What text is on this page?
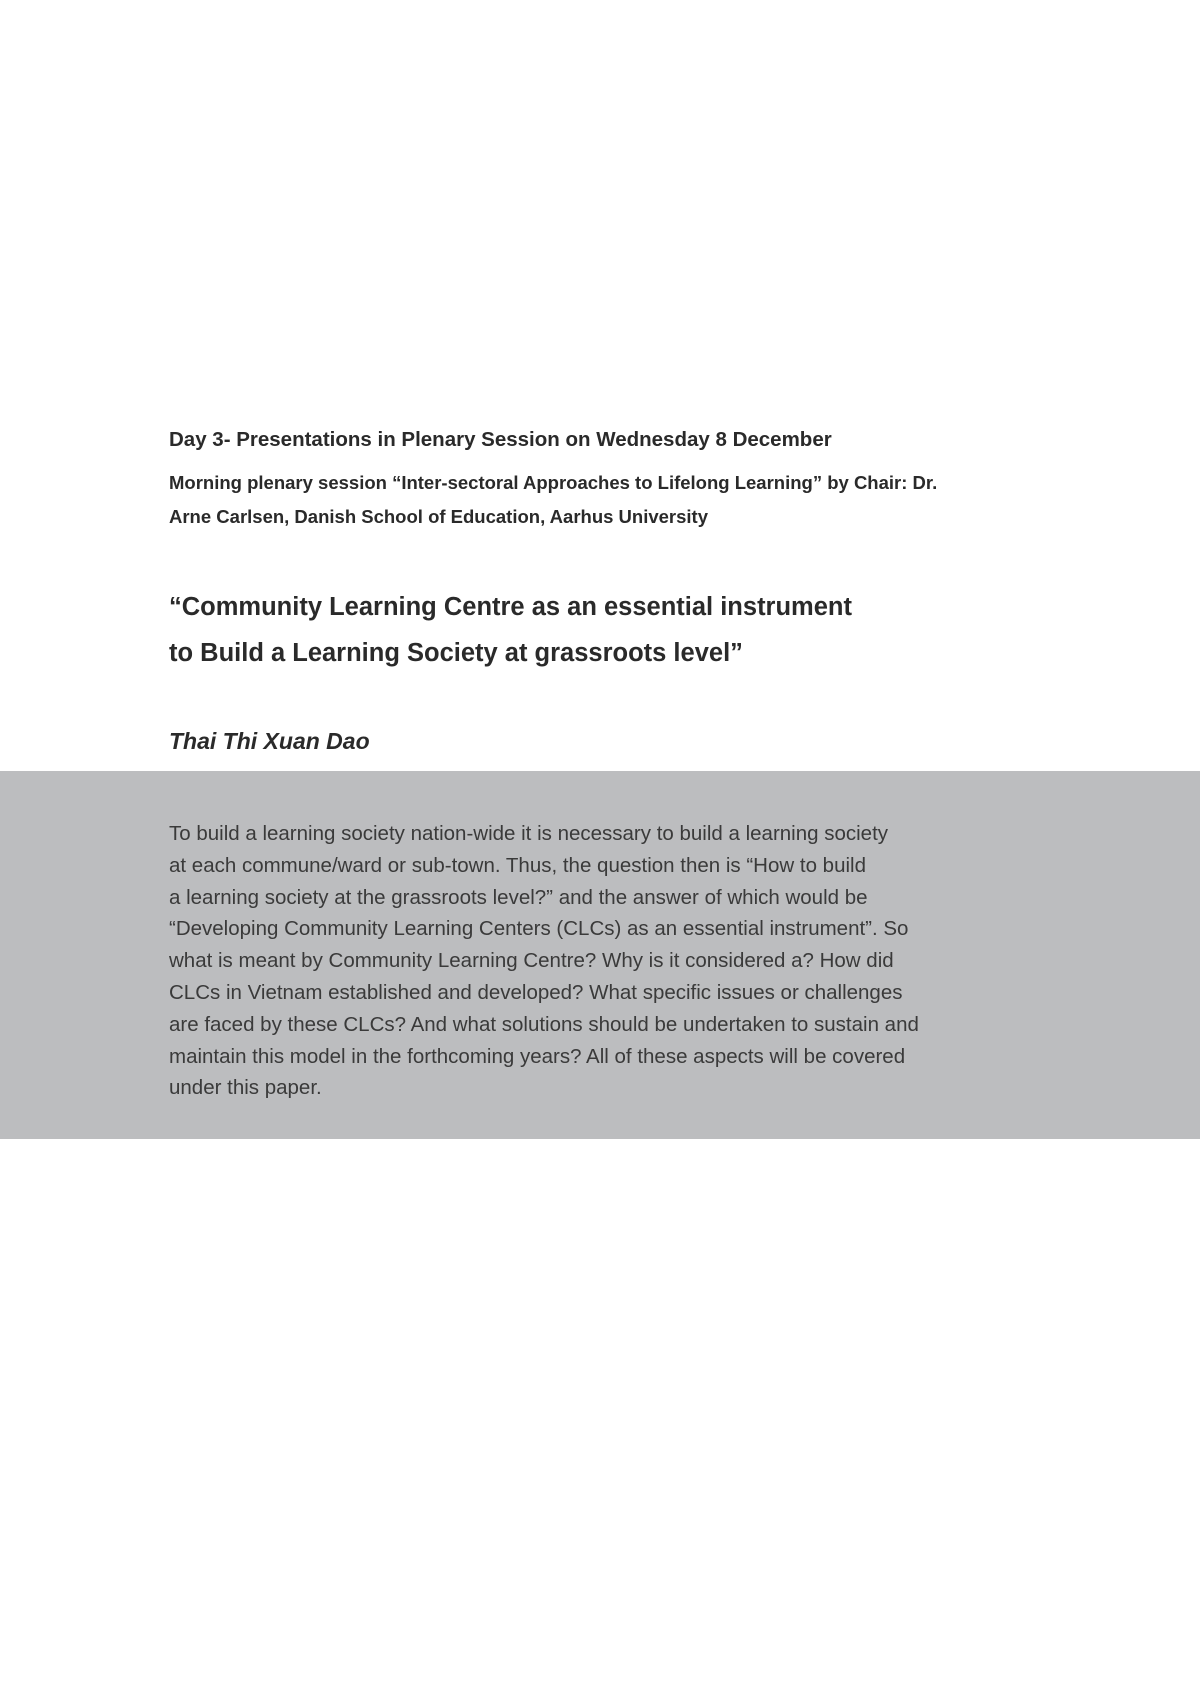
Day 3- Presentations in Plenary Session on Wednesday 8 December

Morning plenary session “Inter-sectoral Approaches to Lifelong Learning” by Chair: Dr.
Arne Carlsen, Danish School of Education, Aarhus University

“Community Learning Centre as an essential instrument
to Build a Learning Society at grassroots level”

Thai Thi Xuan Dao

To build a learning society nation-wide it is necessary to build a learning society
at each commune/ward or sub-town. Thus, the question then is “How to build
a learning society at the grassroots level?” and the answer of which would be
“Developing Community Learning Centers (CLCs) as an essential instrument”. So
what is meant by Community Learning Centre? Why is it considered a? How did
CLCs in Vietnam established and developed? What specific issues or challenges
are faced by these CLCs? And what solutions should be undertaken to sustain and
maintain this model in the forthcoming years? All of these aspects will be covered
under this paper.
